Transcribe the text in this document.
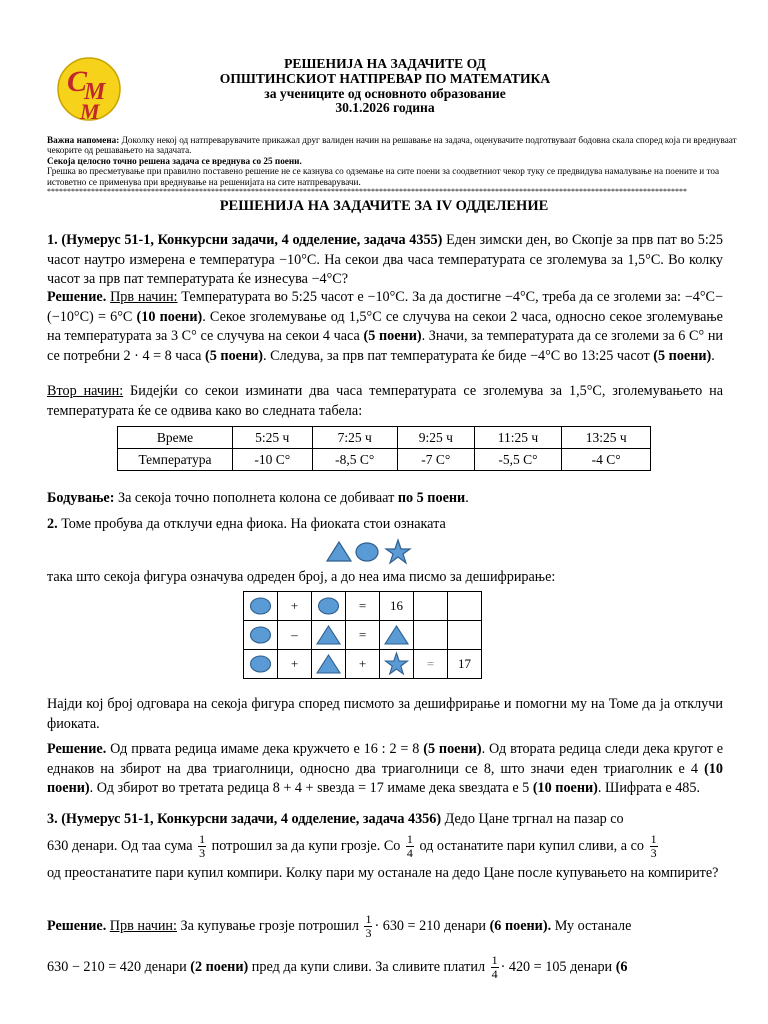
С
М
М
РЕШЕНИЈА НА ЗАДАЧИТЕ ОД
ОПШТИНСКИОТ НАТПРЕВАР ПО МАТЕМАТИКА
за учениците од основното образование
30.1.2026 година
Важна напомена: Доколку некој од натпреварувачите прикажал друг валиден начин на решавање на задача, оценувачите подготвуваат бодовна скала според која ги вреднуваат чекорите од решавањето на задачата.
Секоја целосно точно решена задача се вреднува со 25 поени.
Грешка во пресметување при правилно поставено решение не се казнува со одземање на сите поени за соодветниот чекор туку се предвидува намалување на поените и тоа истоветно се применува при вреднување на решенијата на сите натпреварувачи.
****************************************************************************************************************************************************************
РЕШЕНИЈА НА ЗАДАЧИТЕ ЗА IV ОДДЕЛЕНИЕ
1. (Нумерус 51-1, Конкурсни задачи, 4 одделение, задача 4355) Еден зимски ден, во Скопје за прв пат во 5:25 часот наутро измерена е температура −10°C. На секои два часа температурата се зголемува за 1,5°C. Во колку часот за прв пат температурата ќе изнесува −4°C?
Решение. Прв начин: Температурата во 5:25 часот е −10°C. За да достигне −4°C, треба да се зголеми за: −4°C−(−10°C) = 6°C (10 поени). Секое зголемување од 1,5°C се случува на секои 2 часа, односно секое зголемување на температурата за 3 C° се случува на секои 4 часа (5 поени). Значи, за температурата да се зголеми за 6 C° ни се потребни 2 · 4 = 8 часа (5 поени). Следува, за прв пат температурата ќе биде −4°C во 13:25 часот (5 поени).
Втор начин: Бидејќи со секои изминати два часа температурата се зголемува за 1,5°C, зголемувањето на температурата ќе се одвива како во следната табела:
Време	5:25 ч	7:25 ч	9:25 ч	11:25 ч	13:25 ч
Температура	-10 C°	-8,5 C°	-7 C°	-5,5 C°	-4 C°
Бодување: За секоја точно пополнета колона се добиваат по 5 поени.
2. Томе пробува да отклучи една фиока. На фиоката стои ознаката
така што секоја фигура означува одреден број, а до неа има писмо за дешифрирање:
	+		=	16		

	–		=	

	+		+		=	17
Најди кој број одговара на секоја фигура според писмото за дешифрирање и помогни му на Томе да ја отклучи фиоката.
Решение. Од првата редица имаме дека кружчето е 16 : 2 = 8 (5 поени). Од втората редица следи дека кругот е еднаков на збирот на два триаголници, односно два триаголници се 8, што значи еден триаголник е 4 (10 поени). Од збирот во третата редица 8 + 4 + ѕвезда = 17 имаме дека ѕвездата е 5 (10 поени). Шифрата е 485.
3. (Нумерус 51-1, Конкурсни задачи, 4 одделение, задача 4356) Дедо Цане тргнал на пазар со
630 денари. Од таа сума $\frac{1}{3}$ потрошил за да купи грозје. Со $\frac{1}{4}$ од останатите пари купил сливи, а со $\frac{1}{3}$
од преостанатите пари купил компири. Колку пари му останале на дедо Цане после купувањето на компирите?
Решение. Прв начин: За купување грозје потрошил $\frac{1}{3} \cdot 630 = 210$ денари (6 поени). Му останале
630 − 210 = 420 денари (2 поени) пред да купи сливи. За сливите платил $\frac{1}{4} \cdot 420 = 105$ денари (6
